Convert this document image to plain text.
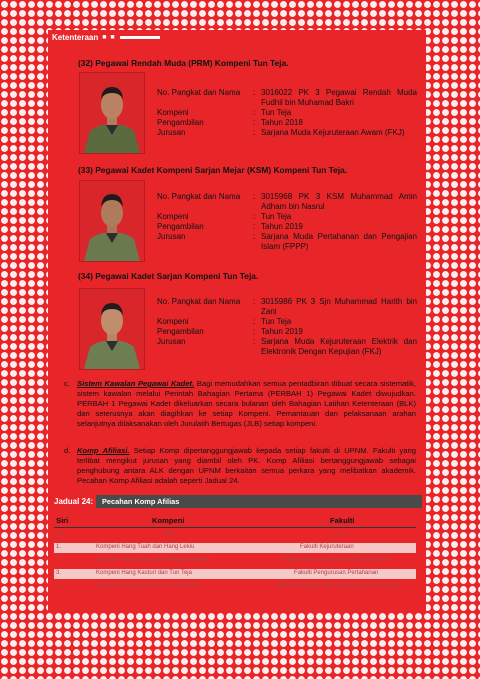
Ketenteraan ■ ■
(32) Pegawai Rendah Muda (PRM) Kompeni Tun Teja.
No. Pangkat dan Nama	: 3016022 PK 3 Pegawai Rendah Muda Fudhil bin Muhamad Bakri
Kompeni	: Tun Teja
Pengambilan	: Tahun 2018
Jurusan	: Sarjana Muda Kejuruteraan Awam (FKJ)
(33) Pegawai Kadet Kompeni Sarjan Mejar (KSM) Kompeni Tun Teja.
No. Pangkat dan Nama	: 3015968 PK 3 KSM Muhammad Amin Adham bin Nasrul
Kompeni	: Tun Teja
Pengambilan	: Tahun 2019
Jurusan	: Sarjana Muda Pertahanan dan Pengajian Islam (FPPP)
(34) Pegawai Kadet Sarjan Kompeni Tun Teja.
No. Pangkat dan Nama	: 3015986 PK 3 Sjn Muhammad Harith bin Zani
Kompeni	: Tun Teja
Pengambilan	: Tahun 2019
Jurusan	: Sarjana Muda Kejuruteraan Elektrik dan Elektronik Dengan Kepujian (FKJ)
c. Sistem Kawalan Pegawai Kadet. Bagi memudahkan semua pentadbiran dibuat secara sistematik, sistem kawalan melalui Perintah Bahagian Pertama (PERBAH 1) Pegawai Kadet diwujudkan. PERBAH 1 Pegawai Kadet dikeluarkan secara bulanan oleh Bahagian Latihan Ketenteraan (BLK) dan seterusnya akan diagihkan ke setiap Kompeni. Pemantauan dan pelaksanaan arahan selanjutnya dilaksanakan oleh Jurulatih Bertugas (JLB) setiap kompeni.
d. Komp Afiliasi. Setiap Komp dipertanggungjawab kepada setiap fakulti di UPNM. Fakulti yang terlibat mengikut jurusan yang diambil oleh PK. Komp Afiliasi bertanggungjawab sebagai penghubung antara ALK dengan UPNM berkaitan semua perkara yang melibatkan akademik. Pecahan Komp Afiliasi adalah seperti Jadual 24.
Jadual 24:	Pecahan Komp Afilias
Siri	Kompeni	Fakulti
(a)	(b)	(c)
1.	Kompeni Hang Tuah dan Hang Lekiu	Fakulti Kejuruteraan
2.	Kompeni Hang Jebat dan Panglima Awang	Fakulti Sains dan Teknologi Pertahanan
3.	Kompeni Hang Kasturi dan Tun Teja	Fakulti Pengurusan Pertahanan
4.	Kompeni Hang Lekir dan Tun Fatimah	Fakulti Pengajian dan Pengurusan Pertahanan
